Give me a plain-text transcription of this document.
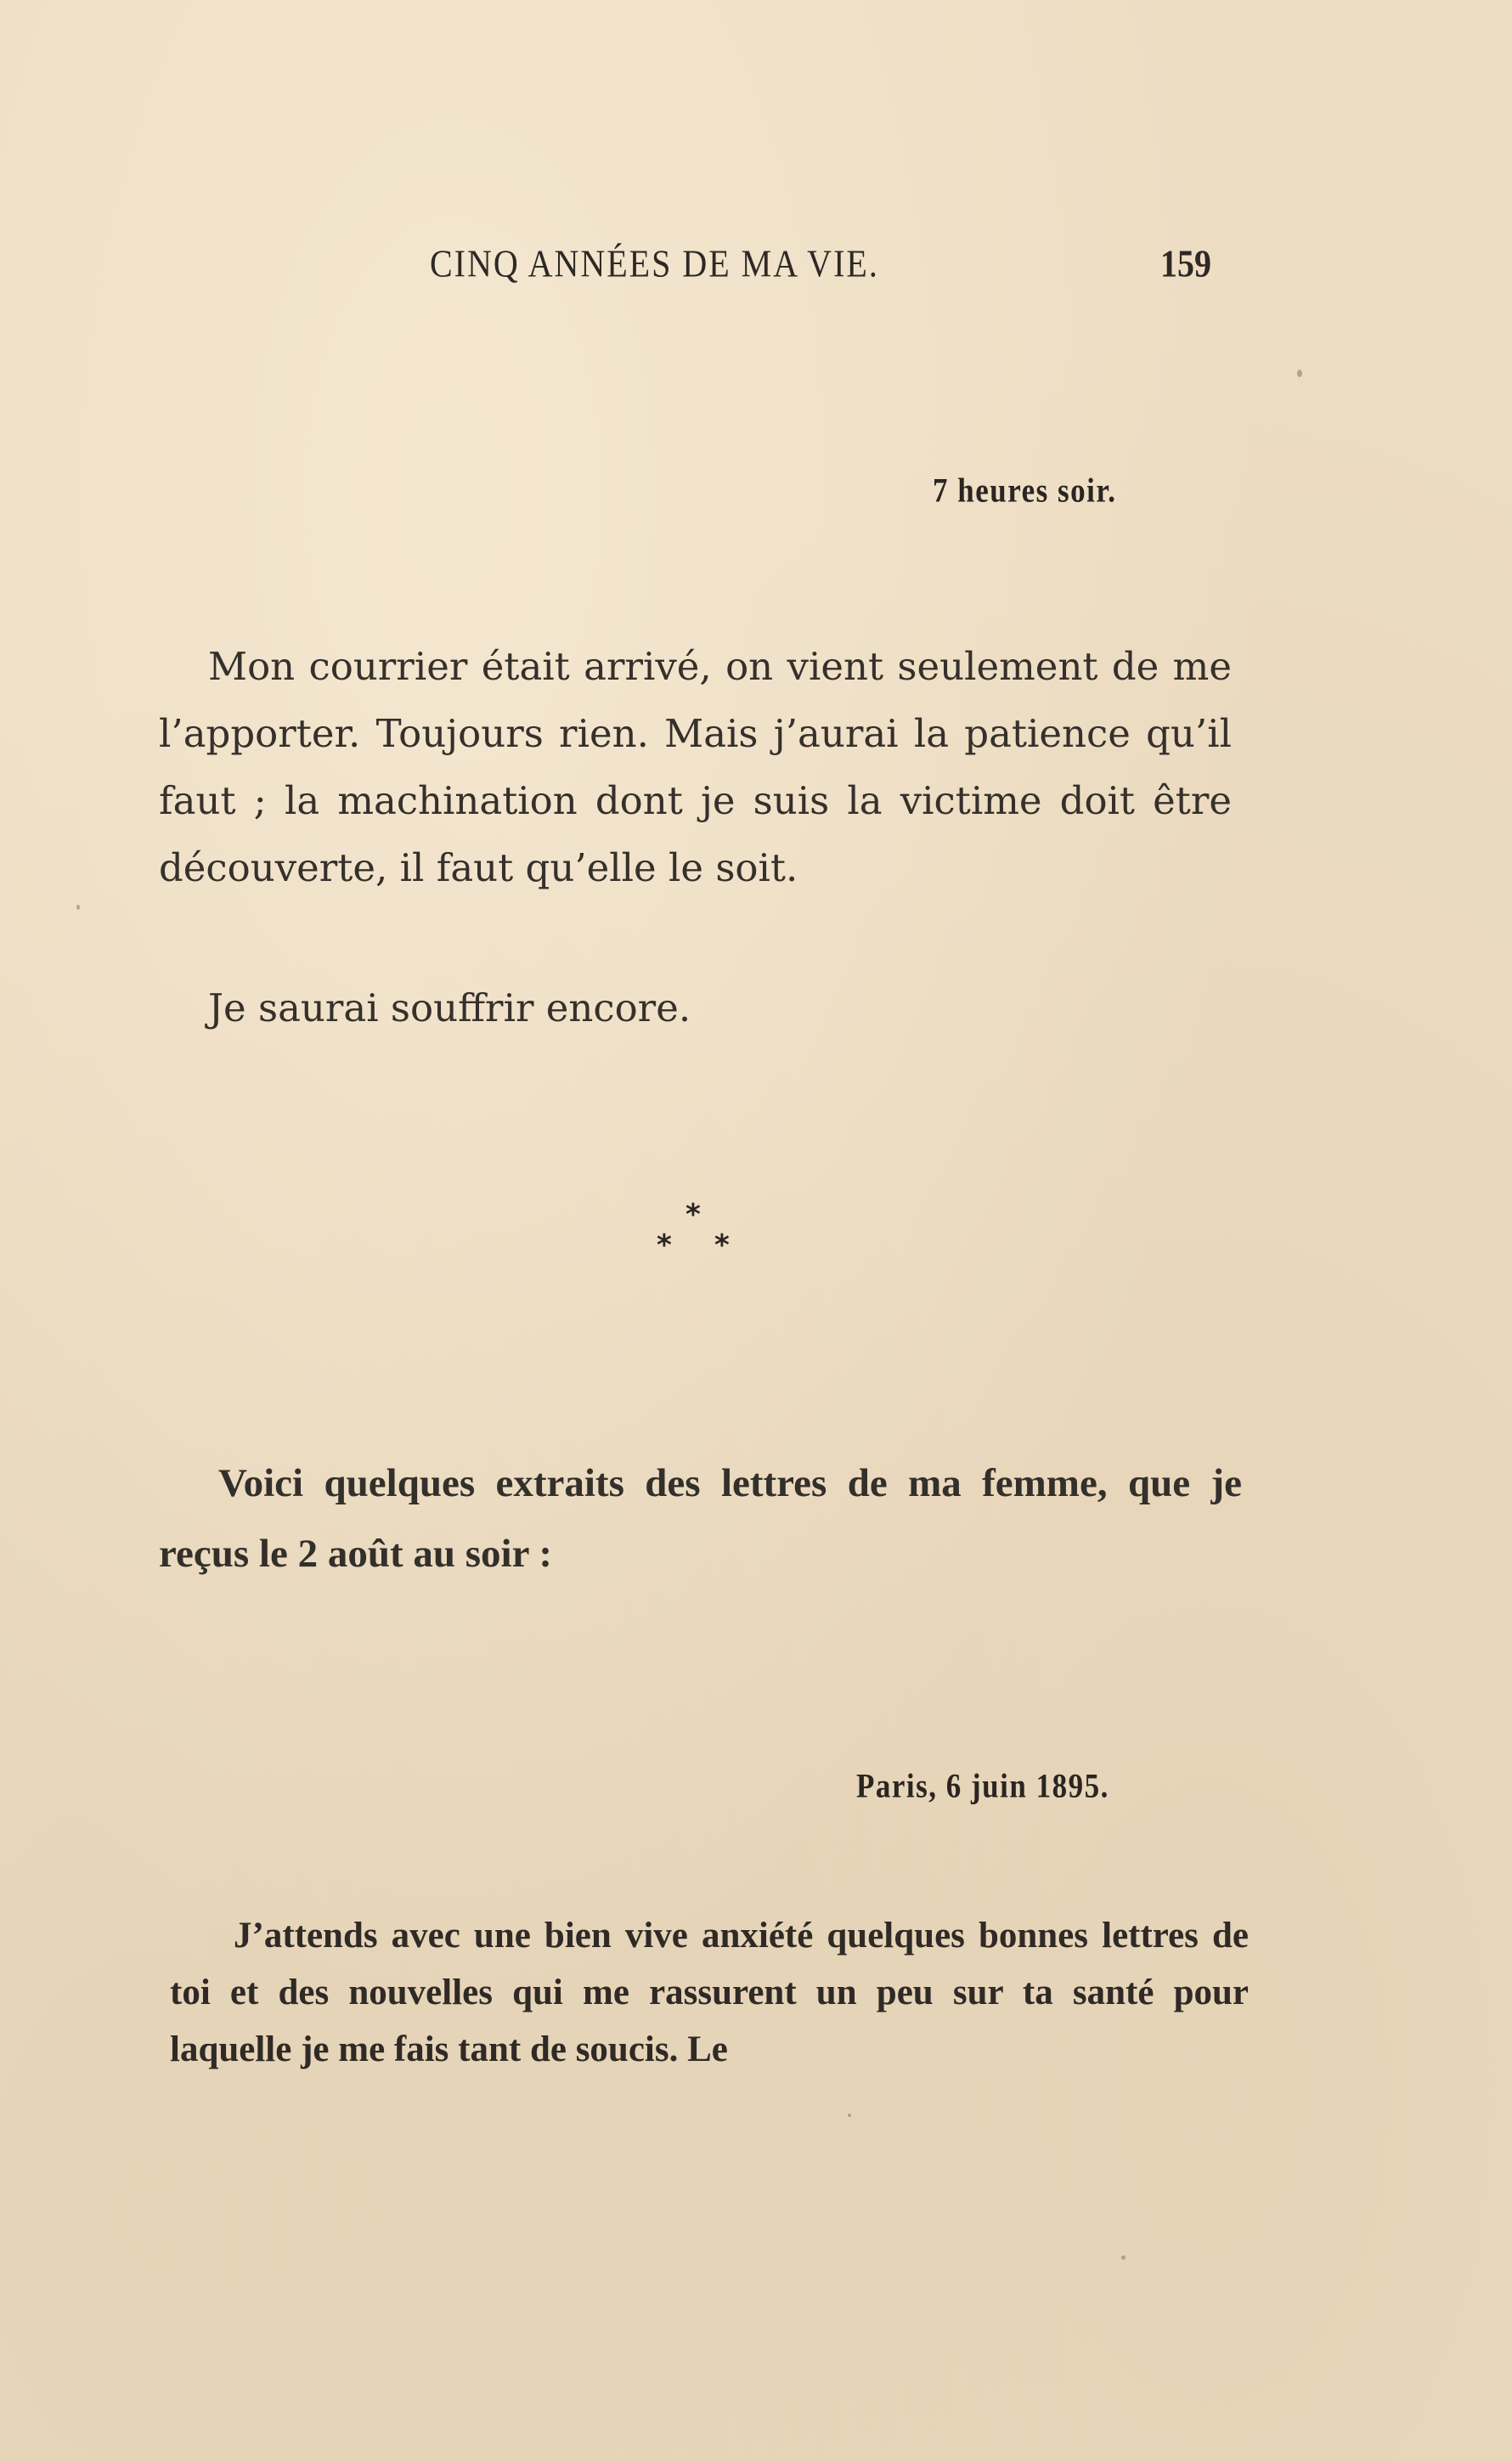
CINQ ANNÉES DE MA VIE.	159
7 heures soir.

Mon courrier était arrivé, on vient seulement de me l’apporter. Toujours rien. Mais j’aurai la patience qu’il faut ; la machination dont je suis la victime doit être découverte, il faut qu’elle le soit.

Je saurai souffrir encore.

*
* *

Voici quelques extraits des lettres de ma femme, que je reçus le 2 août au soir :

Paris, 6 juin 1895.

J’attends avec une bien vive anxiété quelques bonnes lettres de toi et des nouvelles qui me rassurent un peu sur ta santé pour laquelle je me fais tant de soucis. Le
